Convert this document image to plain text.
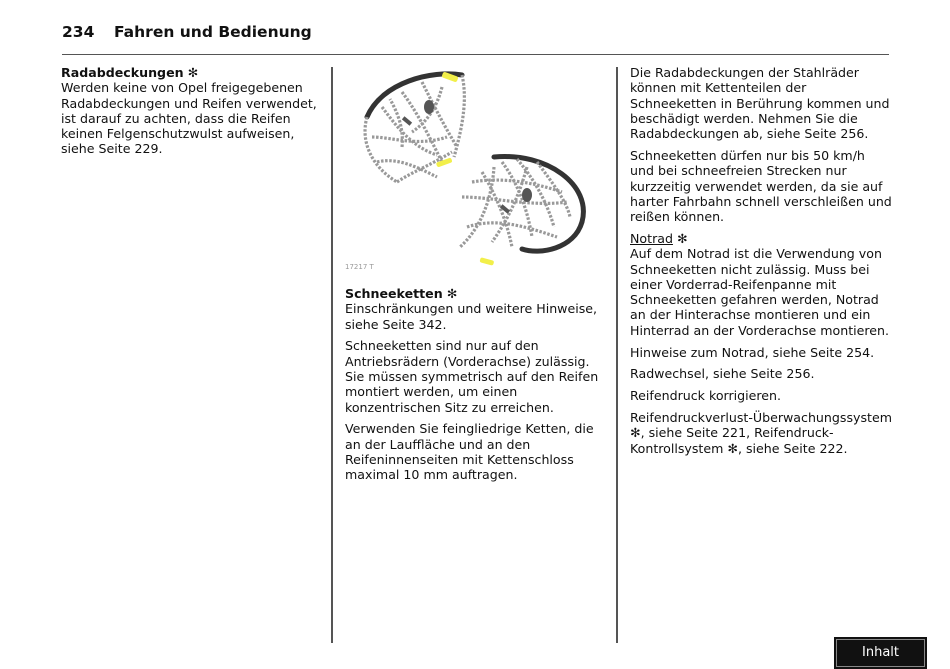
234 Fahren und Bedienung
Radabdeckungen ✻

Werden keine von Opel freigegebenen Radabdeckungen und Reifen verwendet, ist darauf zu achten, dass die Reifen keinen Felgenschutzwulst aufweisen, siehe Seite 229.

17217 T
Schneeketten ✻

Einschränkungen und weitere Hinweise, siehe Seite 342.

Schneeketten sind nur auf den Antriebsrädern (Vorderachse) zulässig. Sie müssen symmetrisch auf den Reifen montiert werden, um einen konzentrischen Sitz zu erreichen.

Verwenden Sie feingliedrige Ketten, die an der Lauffläche und an den Reifeninnenseiten mit Kettenschloss maximal 10 mm auftragen.

Die Radabdeckungen der Stahlräder können mit Kettenteilen der Schneeketten in Berührung kommen und beschädigt werden. Nehmen Sie die Radabdeckungen ab, siehe Seite 256.

Schneeketten dürfen nur bis 50 km/h und bei schneefreien Strecken nur kurzzeitig verwendet werden, da sie auf harter Fahrbahn schnell verschleißen und reißen können.

Notrad ✻

Auf dem Notrad ist die Verwendung von Schneeketten nicht zulässig. Muss bei einer Vorderrad-Reifenpanne mit Schneeketten gefahren werden, Notrad an der Hinterachse montieren und ein Hinterrad an der Vorderachse montieren.

Hinweise zum Notrad, siehe Seite 254.

Radwechsel, siehe Seite 256.

Reifendruck korrigieren.

Reifendruckverlust-Überwachungssystem ✻, siehe Seite 221, Reifendruck-Kontrollsystem ✻, siehe Seite 222.

Inhalt
